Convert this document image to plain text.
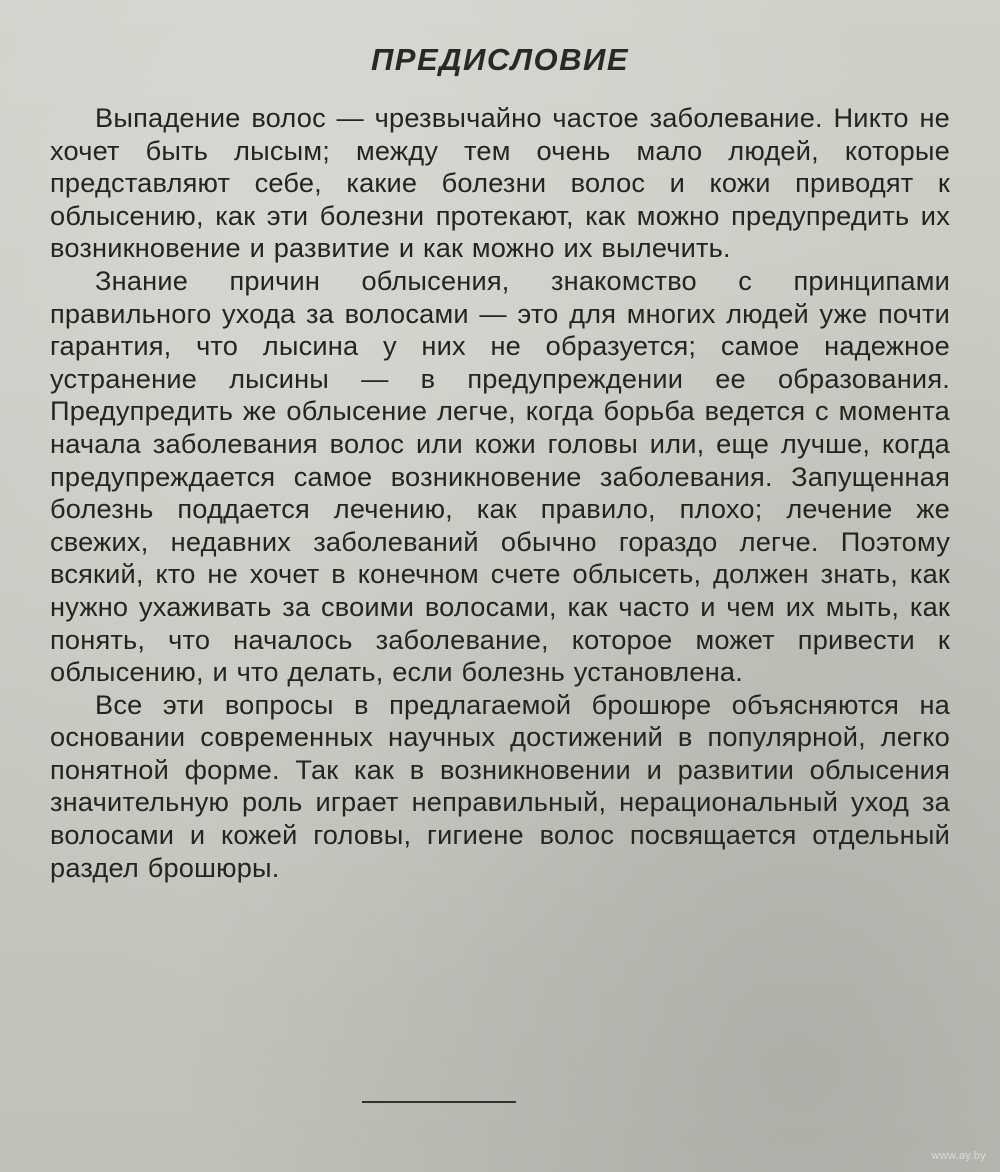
ПРЕДИСЛОВИЕ

Выпадение волос — чрезвычайно частое заболевание. Никто не хочет быть лысым; между тем очень мало людей, которые представляют себе, какие болезни волос и кожи приводят к облысению, как эти болезни протекают, как можно предупредить их возникновение и развитие и как можно их вылечить.

Знание причин облысения, знакомство с принципами правильного ухода за волосами — это для многих людей уже почти гарантия, что лысина у них не образуется; самое надежное устранение лысины — в предупреждении ее образования. Предупредить же облысение легче, когда борьба ведется с момента начала заболевания волос или кожи головы или, еще лучше, когда предупреждается самое возникновение заболевания. Запущенная болезнь поддается лечению, как правило, плохо; лечение же свежих, недавних заболеваний обычно гораздо легче. Поэтому всякий, кто не хочет в конечном счете облысеть, должен знать, как нужно ухаживать за своими волосами, как часто и чем их мыть, как понять, что началось заболевание, которое может привести к облысению, и что делать, если болезнь установлена.

Все эти вопросы в предлагаемой брошюре объясняются на основании современных научных достижений в популярной, легко понятной форме. Так как в возникновении и развитии облысения значительную роль играет неправильный, нерациональный уход за волосами и кожей головы, гигиене волос посвящается отдельный раздел брошюры.

www.ay.by
